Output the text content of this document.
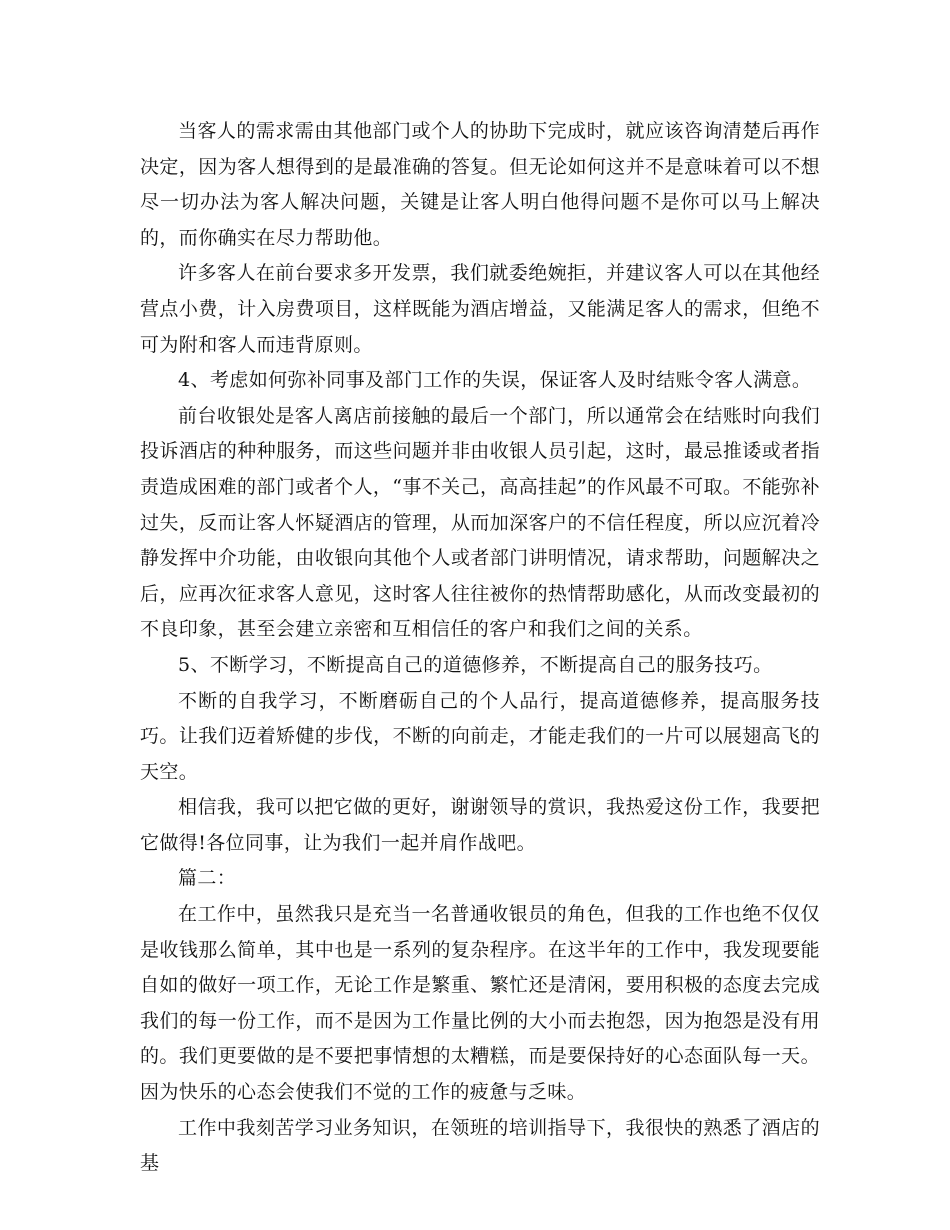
当客人的需求需由其他部门或个人的协助下完成时，就应该咨询清楚后再作决定，因为客人想得到的是最准确的答复。但无论如何这并不是意味着可以不想尽一切办法为客人解决问题，关键是让客人明白他得问题不是你可以马上解决的，而你确实在尽力帮助他。

许多客人在前台要求多开发票，我们就委绝婉拒，并建议客人可以在其他经营点小费，计入房费项目，这样既能为酒店增益，又能满足客人的需求，但绝不可为附和客人而违背原则。

4、考虑如何弥补同事及部门工作的失误，保证客人及时结账令客人满意。

前台收银处是客人离店前接触的最后一个部门，所以通常会在结账时向我们投诉酒店的种种服务，而这些问题并非由收银人员引起，这时，最忌推诿或者指责造成困难的部门或者个人，“事不关己，高高挂起”的作风最不可取。不能弥补过失，反而让客人怀疑酒店的管理，从而加深客户的不信任程度，所以应沉着冷静发挥中介功能，由收银向其他个人或者部门讲明情况，请求帮助，问题解决之后，应再次征求客人意见，这时客人往往被你的热情帮助感化，从而改变最初的不良印象，甚至会建立亲密和互相信任的客户和我们之间的关系。

5、不断学习，不断提高自己的道德修养，不断提高自己的服务技巧。

不断的自我学习，不断磨砺自己的个人品行，提高道德修养，提高服务技巧。让我们迈着矫健的步伐，不断的向前走，才能走我们的一片可以展翅高飞的天空。

相信我，我可以把它做的更好，谢谢领导的赏识，我热爱这份工作，我要把它做得!各位同事，让为我们一起并肩作战吧。

篇二：

在工作中，虽然我只是充当一名普通收银员的角色，但我的工作也绝不仅仅是收钱那么简单，其中也是一系列的复杂程序。在这半年的工作中，我发现要能自如的做好一项工作，无论工作是繁重、繁忙还是清闲，要用积极的态度去完成我们的每一份工作，而不是因为工作量比例的大小而去抱怨，因为抱怨是没有用的。我们更要做的是不要把事情想的太糟糕，而是要保持好的心态面队每一天。因为快乐的心态会使我们不觉的工作的疲惫与乏味。

工作中我刻苦学习业务知识，在领班的培训指导下，我很快的熟悉了酒店的基
